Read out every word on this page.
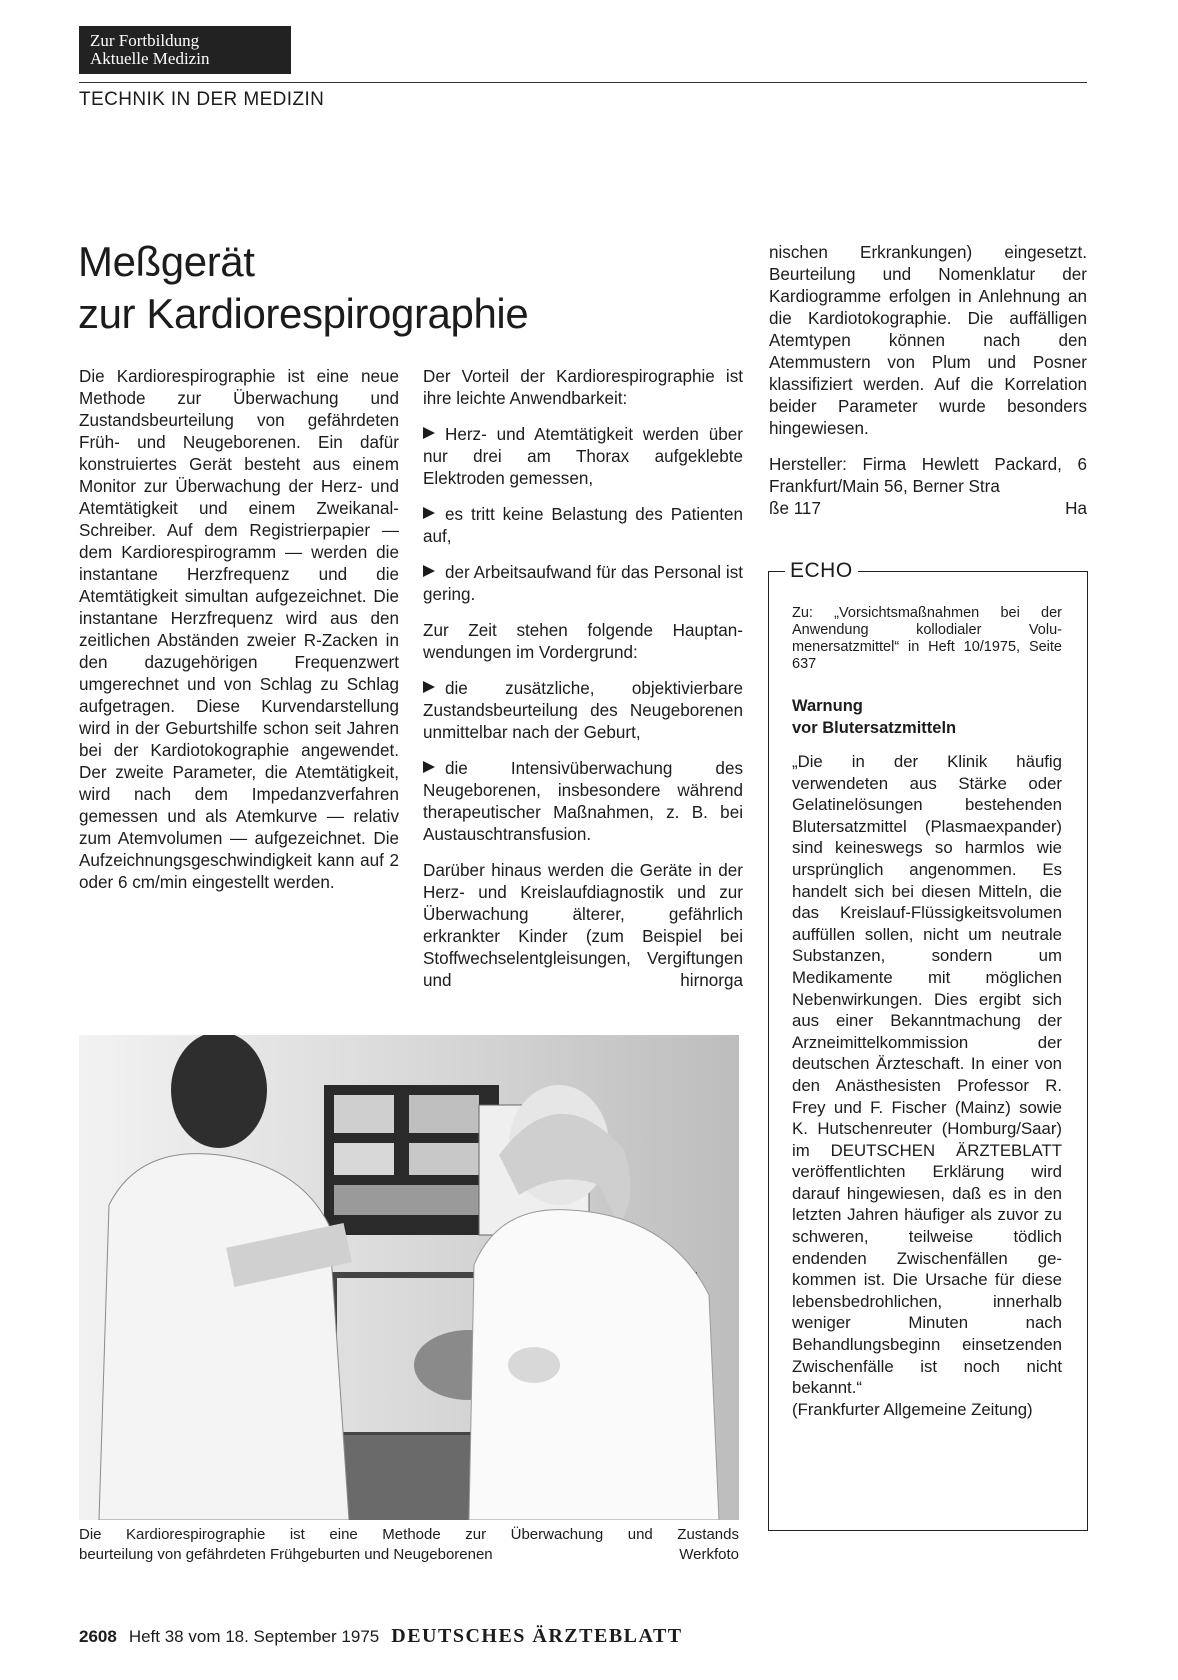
Zur Fortbildung
Aktuelle Medizin
TECHNIK IN DER MEDIZIN
Meßgerät
zur Kardiorespirographie

Die Kardiorespirographie ist eine neue Methode zur Überwachung und Zustandsbeurteilung von gefährdeten Früh- und Neugeborenen. Ein dafür konstruiertes Gerät besteht aus einem Monitor zur Überwachung der Herz- und Atemtätigkeit und einem Zweikanal-Schreiber. Auf dem Registrierpapier — dem Kardiorespirogramm — werden die instantane Herzfrequenz und die Atemtätigkeit simultan aufgezeichnet. Die instantane Herzfrequenz wird aus den zeitlichen Abständen zweier R-Zacken in den dazugehörigen Frequenzwert umgerechnet und von Schlag zu Schlag aufgetragen. Diese Kurvendarstellung wird in der Geburtshilfe schon seit Jahren bei der Kardiotokographie angewendet. Der zweite Parameter, die Atemtätigkeit, wird nach dem Impedanzverfahren gemessen und als Atemkurve — relativ zum Atemvolumen — aufgezeichnet. Die Aufzeichnungsgeschwindigkeit kann auf 2 oder 6 cm/min eingestellt werden.

Der Vorteil der Kardiorespirographie ist ihre leichte Anwendbarkeit:

Herz- und Atemtätigkeit werden über nur drei am Thorax aufgeklebte Elektroden gemessen,
es tritt keine Belastung des Patienten auf,
der Arbeitsaufwand für das Personal ist gering.

Zur Zeit stehen folgende Hauptanwendungen im Vordergrund:

die zusätzliche, objektivierbare Zustandsbeurteilung des Neugeborenen unmittelbar nach der Geburt,
die Intensivüberwachung des Neugeborenen, insbesondere während therapeutischer Maßnahmen, z. B. bei Austauschtransfusion.

Darüber hinaus werden die Geräte in der Herz- und Kreislaufdiagnostik und zur Überwachung älterer, gefährlich erkrankter Kinder (zum Beispiel bei Stoffwechselentgleisungen, Vergiftungen und hirnorga

nischen Erkrankungen) eingesetzt. Beurteilung und Nomenklatur der Kardiogramme erfolgen in Anlehnung an die Kardiotokographie. Die auffälligen Atemtypen können nach den Atemmustern von Plum und Posner klassifiziert werden. Auf die Korrelation beider Parameter wurde besonders hingewiesen.

Hersteller: Firma Hewlett Packard, 6 Frankfurt/Main 56, Berner Stra

ße 117	Ha
ECHO
Zu: „Vorsichtsmaßnahmen bei der Anwendung kollodialer Volumenersatzmittel“ in Heft 10/1975, Seite 637
Warnung
vor Blutersatzmitteln
„Die in der Klinik häufig verwendeten aus Stärke oder Gelatinelösungen bestehenden Blutersatzmittel (Plasmaexpander) sind keineswegs so harmlos wie ursprünglich angenommen. Es handelt sich bei diesen Mitteln, die das Kreislauf-Flüssigkeitsvolumen auffüllen sollen, nicht um neutrale Substanzen, sondern um Medikamente mit möglichen Nebenwirkungen. Dies ergibt sich aus einer Bekanntmachung der Arzneimittelkommission der deutschen Ärzteschaft. In einer von den Anästhesisten Professor R. Frey und F. Fischer (Mainz) sowie K. Hutschenreuter (Homburg/Saar) im DEUTSCHEN ÄRZTEBLATT veröffentlichten Erklärung wird darauf hingewiesen, daß es in den letzten Jahren häufiger als zuvor zu schweren, teilweise tödlich endenden Zwischenfällen gekommen ist. Die Ursache für diese lebensbedrohlichen, innerhalb weniger Minuten nach Behandlungsbeginn einsetzenden Zwischenfälle ist noch nicht bekannt.“
(Frankfurter Allgemeine Zeitung)
Die Kardiorespirographie ist eine Methode zur Überwachung und Zustands
beurteilung von gefährdeten Frühgeburten und Neugeborenen	Werkfoto
2608 Heft 38 vom 18. September 1975 DEUTSCHES ÄRZTEBLATT
